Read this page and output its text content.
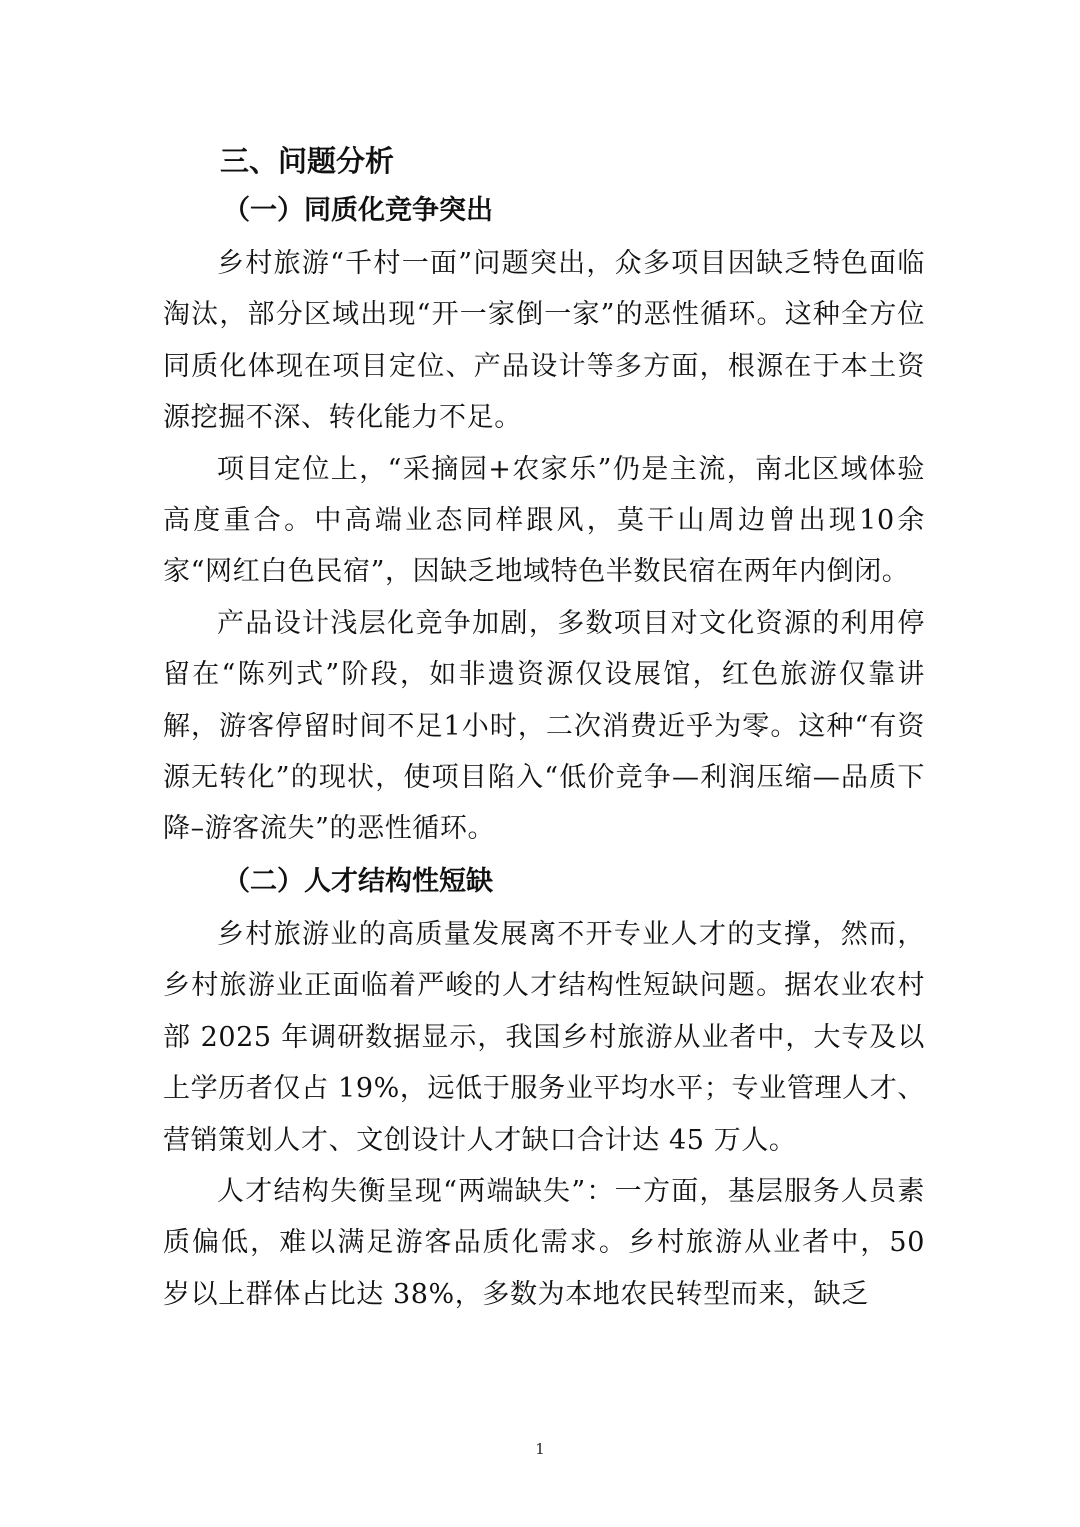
三、问题分析
（一）同质化竞争突出

乡村旅游“千村一面”问题突出，众多项目因缺乏特色面临淘汰，部分区域出现“开一家倒一家”的恶性循环。这种全方位同质化体现在项目定位、产品设计等多方面，根源在于本土资源挖掘不深、转化能力不足。

项目定位上，“采摘园+农家乐”仍是主流，南北区域体验高度重合。中高端业态同样跟风，莫干山周边曾出现10余家“网红白色民宿”，因缺乏地域特色半数民宿在两年内倒闭。

产品设计浅层化竞争加剧，多数项目对文化资源的利用停留在“陈列式”阶段，如非遗资源仅设展馆，红色旅游仅靠讲解，游客停留时间不足1小时，二次消费近乎为零。这种“有资源无转化”的现状，使项目陷入“低价竞争—利润压缩—品质下降–游客流失”的恶性循环。

（二）人才结构性短缺

乡村旅游业的高质量发展离不开专业人才的支撑，然而，乡村旅游业正面临着严峻的人才结构性短缺问题。据农业农村部 2025 年调研数据显示，我国乡村旅游从业者中，大专及以上学历者仅占 19%，远低于服务业平均水平；专业管理人才、营销策划人才、文创设计人才缺口合计达 45 万人。

人才结构失衡呈现“两端缺失”：一方面，基层服务人员素质偏低，难以满足游客品质化需求。乡村旅游从业者中，50 岁以上群体占比达 38%，多数为本地农民转型而来，缺乏

1
